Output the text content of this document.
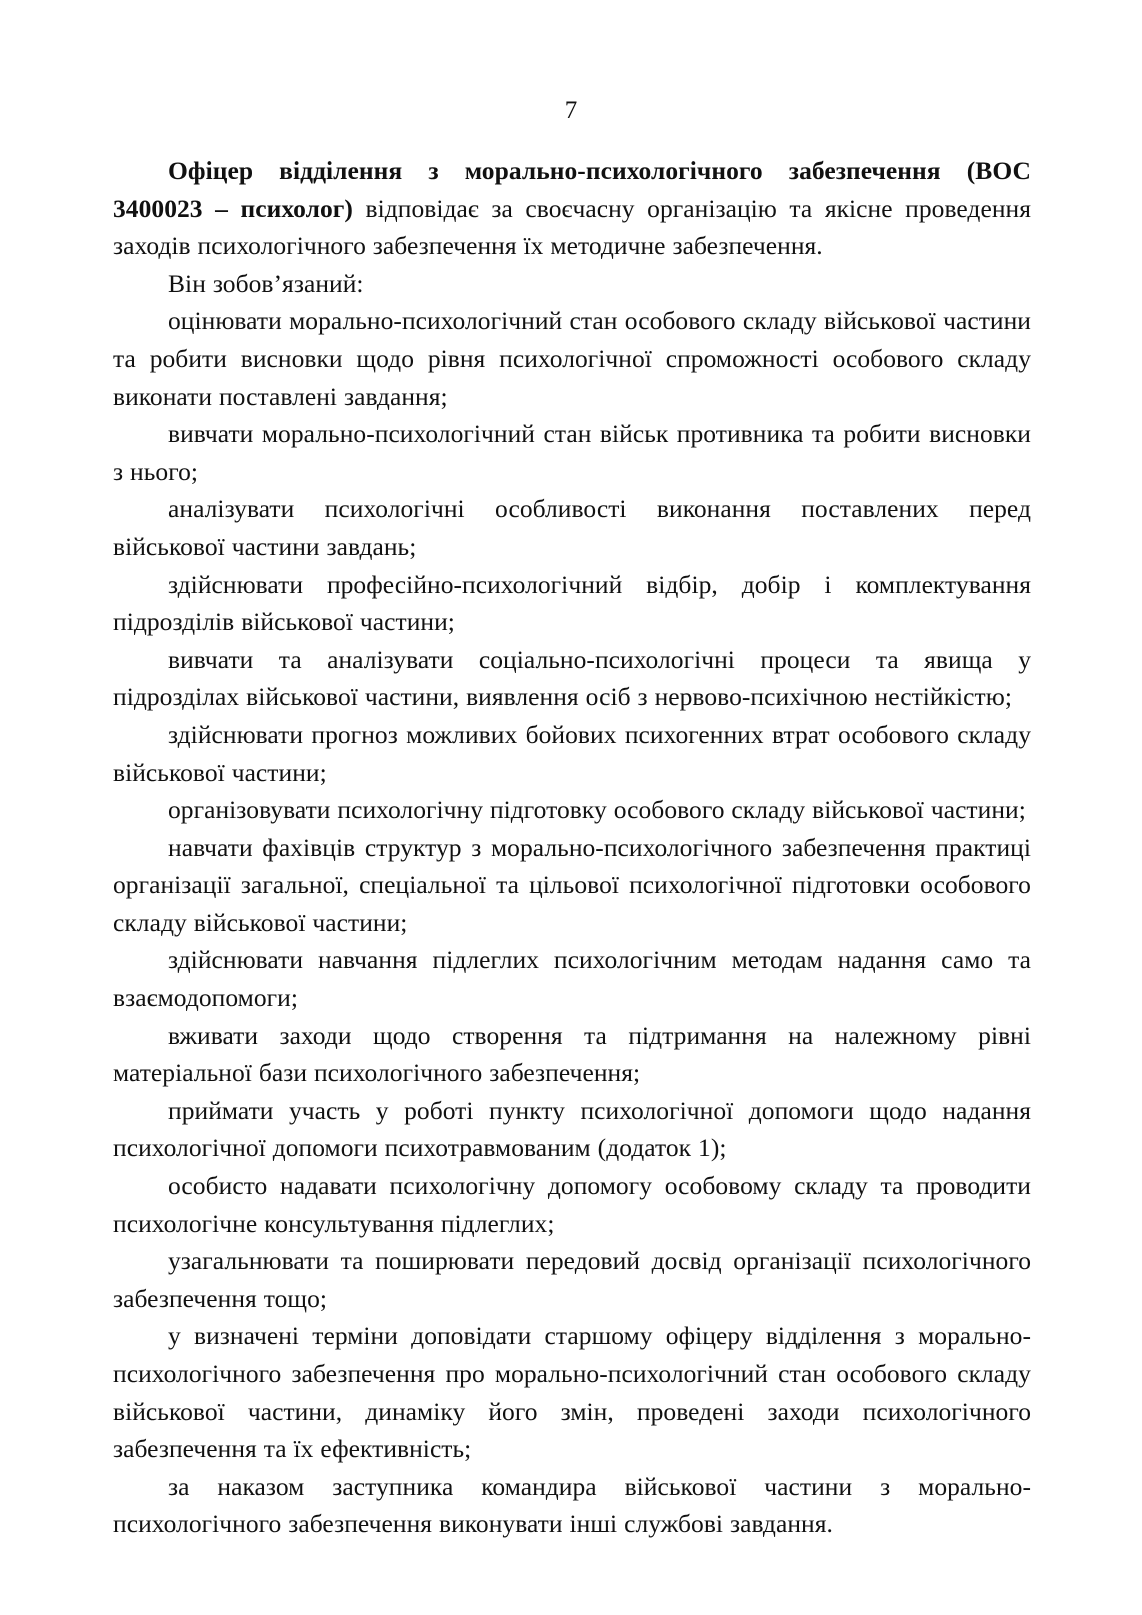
7

Офіцер відділення з морально-психологічного забезпечення (ВОС 3400023 – психолог) відповідає за своєчасну організацію та якісне проведення заходів психологічного забезпечення їх методичне забезпечення.

Він зобов’язаний:

оцінювати морально-психологічний стан особового складу військової частини та робити висновки щодо рівня психологічної спроможності особового складу виконати поставлені завдання;

вивчати морально-психологічний стан військ противника та робити висновки з нього;

аналізувати психологічні особливості виконання поставлених перед військової частини завдань;

здійснювати професійно-психологічний відбір, добір і комплектування підрозділів військової частини;

вивчати та аналізувати соціально-психологічні процеси та явища у підрозділах військової частини, виявлення осіб з нервово-психічною нестійкістю;

здійснювати прогноз можливих бойових психогенних втрат особового складу військової частини;

організовувати психологічну підготовку особового складу військової частини;

навчати фахівців структур з морально-психологічного забезпечення практиці організації загальної, спеціальної та цільової психологічної підготовки особового складу військової частини;

здійснювати навчання підлеглих психологічним методам надання само та взаємодопомоги;

вживати заходи щодо створення та підтримання на належному рівні матеріальної бази психологічного забезпечення;

приймати участь у роботі пункту психологічної допомоги щодо надання психологічної допомоги психотравмованим (додаток 1);

особисто надавати психологічну допомогу особовому складу та проводити психологічне консультування підлеглих;

узагальнювати та поширювати передовий досвід організації психологічного забезпечення тощо;

у визначені терміни доповідати старшому офіцеру відділення з морально-психологічного забезпечення про морально-психологічний стан особового складу військової частини, динаміку його змін, проведені заходи психологічного забезпечення та їх ефективність;

за наказом заступника командира військової частини з морально-психологічного забезпечення виконувати інші службові завдання.
